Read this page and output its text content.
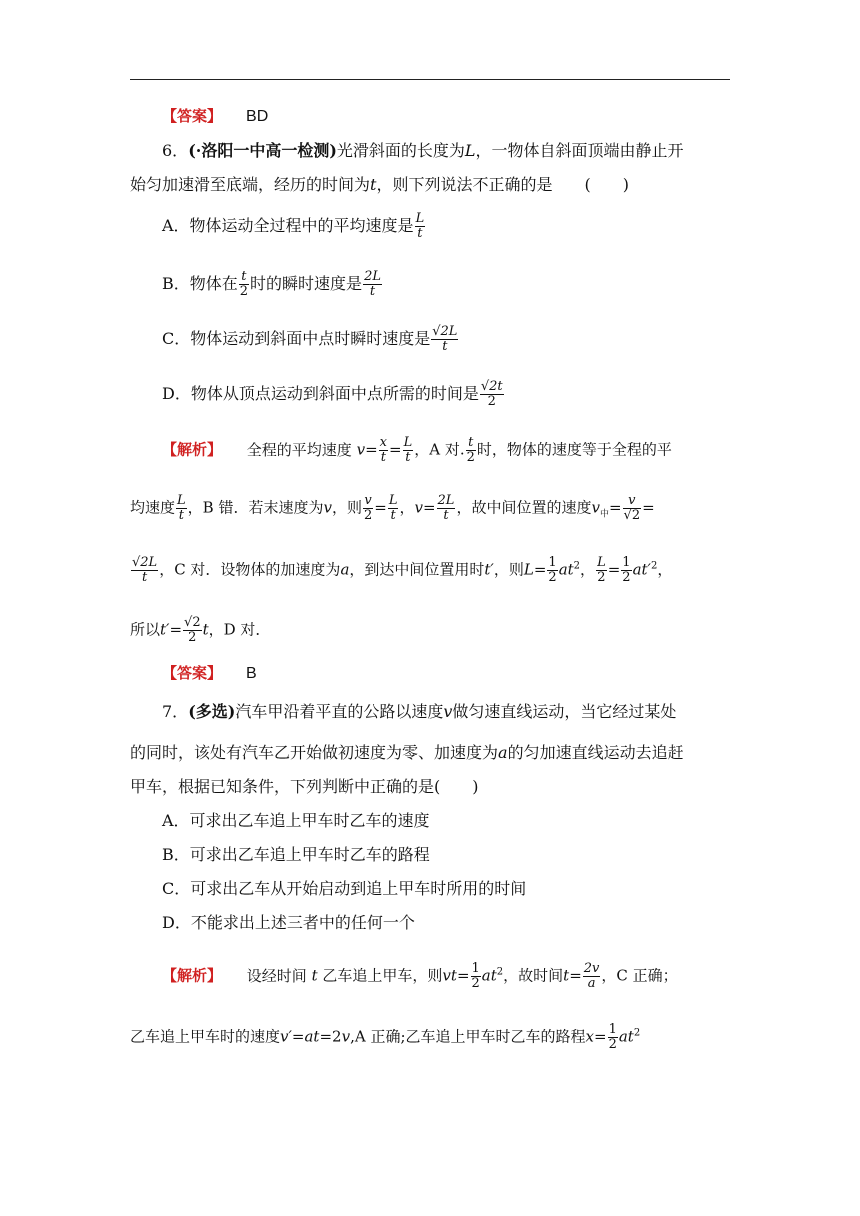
【答案】 BD
6．(·洛阳一中高一检测)光滑斜面的长度为L，一物体自斜面顶端由静止开
始匀加速滑至底端，经历的时间为t，则下列说法不正确的是　　(　　)
A．物体运动全过程中的平均速度是 $\frac{L}{t}$
B．物体在 $\frac{t}{2}$ 时的瞬时速度是 $\frac{2L}{t}$
C．物体运动到斜面中点时瞬时速度是 $\frac{√2L}{t}$
D．物体从顶点运动到斜面中点所需的时间是 $\frac{√2t}{2}$
【解析】 全程的平均速度 $v= \frac{x}{t} = \frac{L}{t}$ ，A 对. $\frac{t}{2}$ 时，物体的速度等于全程的平
均速度 $\frac{L}{t}$ ，B 错．若末速度为v，则 $\frac{v}{2} = \frac{L}{t}$ ，$v= \frac{2L}{t}$ ，故中间位置的速度$v_中= \frac{v}{√2}$ =
$\frac{√2L}{t}$ ，C 对．设物体的加速度为a，到达中间位置用时t′，则$L= \frac{1}{2} at^2$， $\frac{L}{2} = \frac{1}{2} at'^2$，
所以$t'= \frac{√2}{2}$ t，D 对．
【答案】 B
7．(多选)汽车甲沿着平直的公路以速度v做匀速直线运动，当它经过某处
的同时，该处有汽车乙开始做初速度为零、加速度为a的匀加速直线运动去追赶
甲车，根据已知条件，下列判断中正确的是(　　)
A．可求出乙车追上甲车时乙车的速度
B．可求出乙车追上甲车时乙车的路程
C．可求出乙车从开始启动到追上甲车时所用的时间
D．不能求出上述三者中的任何一个
【解析】 设经时间 t 乙车追上甲车，则$vt= \frac{1}{2} at^2$，故时间$t= \frac{2v}{a}$ ，C 正确；
乙车追上甲车时的速度v′=at=2v,A 正确;乙车追上甲车时乙车的路程$x= \frac{1}{2} at^2$
